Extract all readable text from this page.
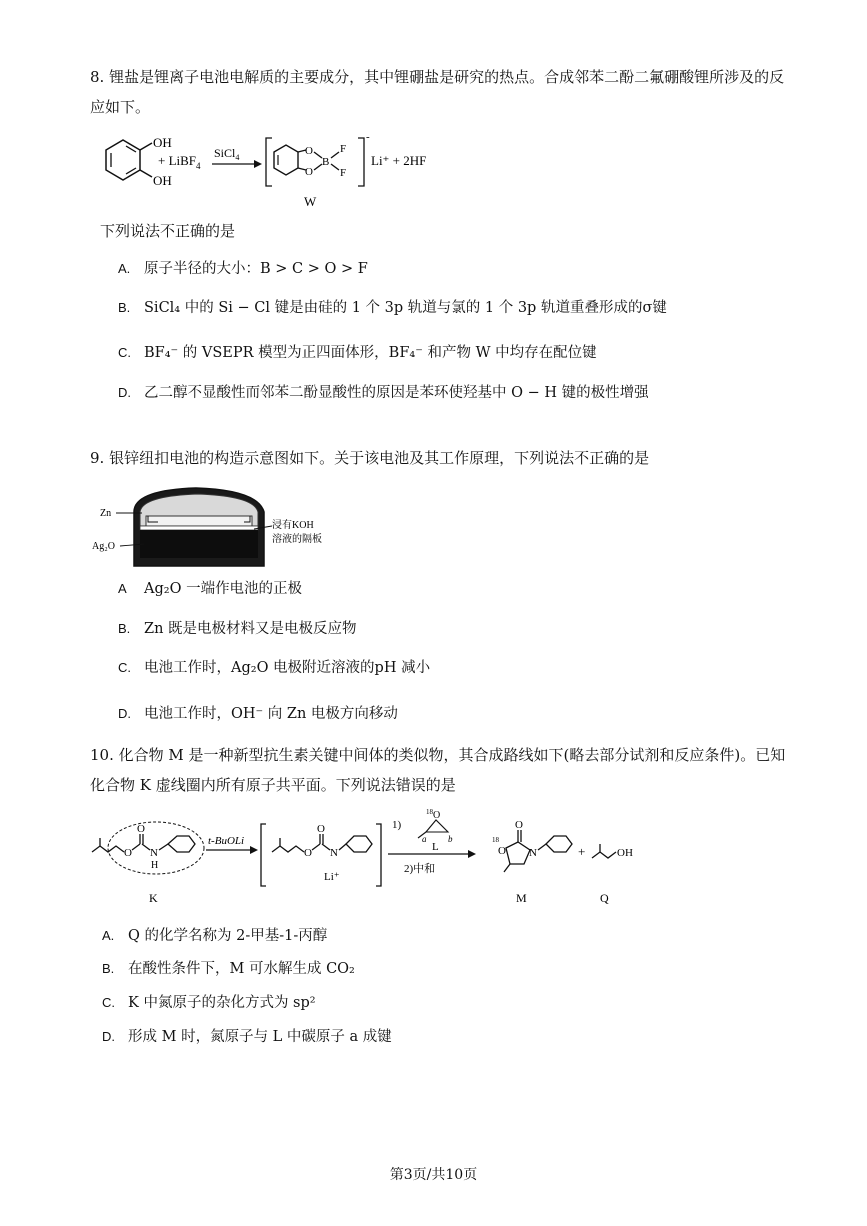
8. 锂盐是锂离子电池电解质的主要成分，其中锂硼盐是研究的热点。合成邻苯二酚二氟硼酸锂所涉及的反
应如下。
OH
OH
+ LiBF$_4$
SiCl$_4$
-
O
O
B
F
F
Li⁺ + 2HF
W
下列说法不正确的是
A. 原子半径的大小：B > C > O > F
B. SiCl₄ 中的 Si − Cl 键是由硅的 1 个 3p 轨道与氯的 1 个 3p 轨道重叠形成的σ键
C. BF₄⁻ 的 VSEPR 模型为正四面体形，BF₄⁻ 和产物 W 中均存在配位键
D. 乙二醇不显酸性而邻苯二酚显酸性的原因是苯环使羟基中 O − H 键的极性增强
9. 银锌纽扣电池的构造示意图如下。关于该电池及其工作原理，下列说法不正确的是
Zn
Ag₂O
浸有KOH
溶液的隔板
A Ag₂O 一端作电池的正极
B. Zn 既是电极材料又是电极反应物
C. 电池工作时，Ag₂O 电极附近溶液的pH 减小
D. 电池工作时，OH⁻ 向 Zn 电极方向移动
10. 化合物 M 是一种新型抗生素关键中间体的类似物，其合成路线如下(略去部分试剂和反应条件)。已知
化合物 K 虚线圈内所有原子共平面。下列说法错误的是
O
O
N
H
K
t-BuOLi
O
O
N
Li⁺
1)
18 O
a b
L
2)中和
18
O
O
N
M
+	OH
Q
A. Q 的化学名称为 2-甲基-1-丙醇
B. 在酸性条件下，M 可水解生成 CO₂
C. K 中氮原子的杂化方式为 sp²
D. 形成 M 时，氮原子与 L 中碳原子 a 成键
第3页/共10页
